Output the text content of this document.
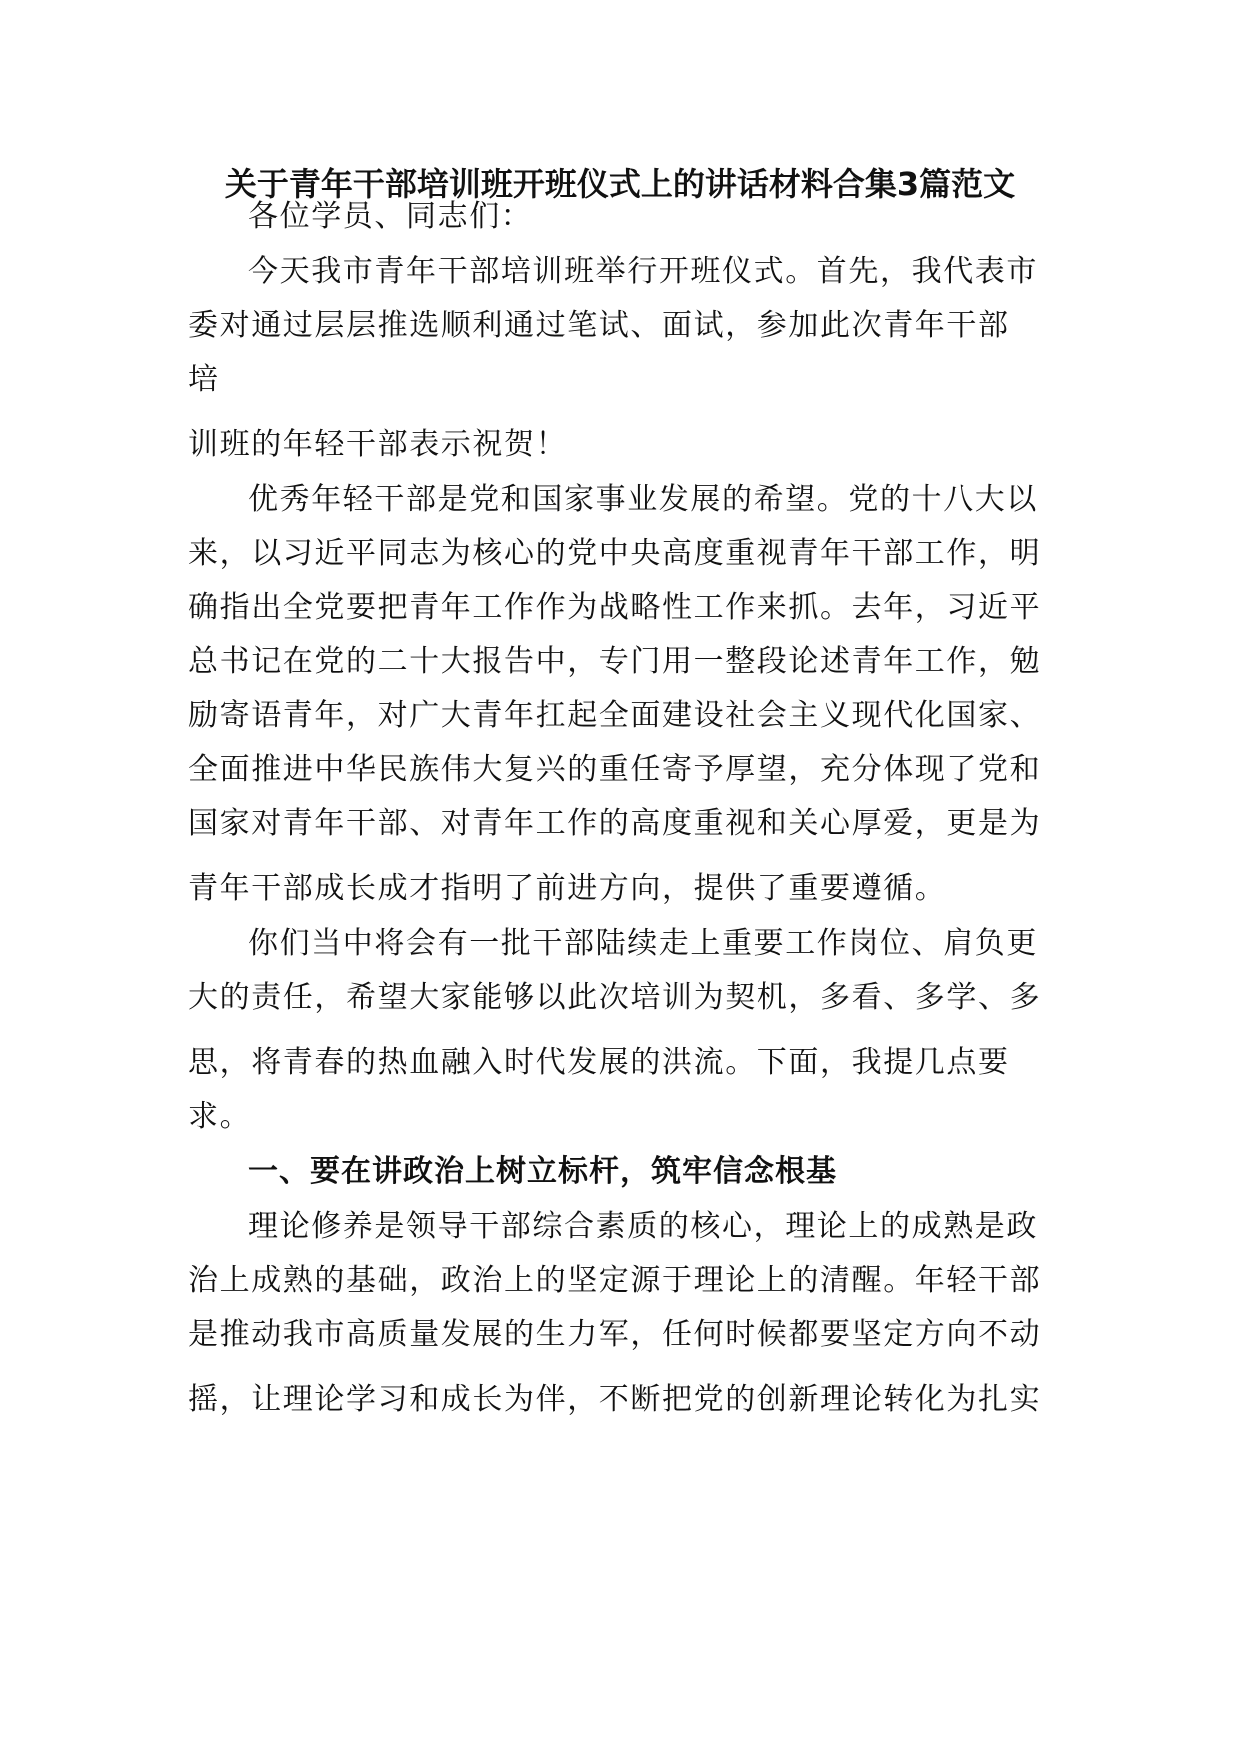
关于青年干部培训班开班仪式上的讲话材料合集3篇范文

各位学员、同志们：

今天我市青年干部培训班举行开班仪式。首先，我代表市

委对通过层层推选顺利通过笔试、面试，参加此次青年干部

培

训班的年轻干部表示祝贺！

优秀年轻干部是党和国家事业发展的希望。党的十八大以

来，以习近平同志为核心的党中央高度重视青年干部工作，明

确指出全党要把青年工作作为战略性工作来抓。去年，习近平

总书记在党的二十大报告中，专门用一整段论述青年工作，勉

励寄语青年，对广大青年扛起全面建设社会主义现代化国家、

全面推进中华民族伟大复兴的重任寄予厚望，充分体现了党和

国家对青年干部、对青年工作的高度重视和关心厚爱，更是为

青年干部成长成才指明了前进方向，提供了重要遵循。

你们当中将会有一批干部陆续走上重要工作岗位、肩负更

大的责任，希望大家能够以此次培训为契机，多看、多学、多

思，将青春的热血融入时代发展的洪流。下面，我提几点要

求。

一、要在讲政治上树立标杆，筑牢信念根基

理论修养是领导干部综合素质的核心，理论上的成熟是政

治上成熟的基础，政治上的坚定源于理论上的清醒。年轻干部

是推动我市高质量发展的生力军，任何时候都要坚定方向不动

摇，让理论学习和成长为伴，不断把党的创新理论转化为扎实
